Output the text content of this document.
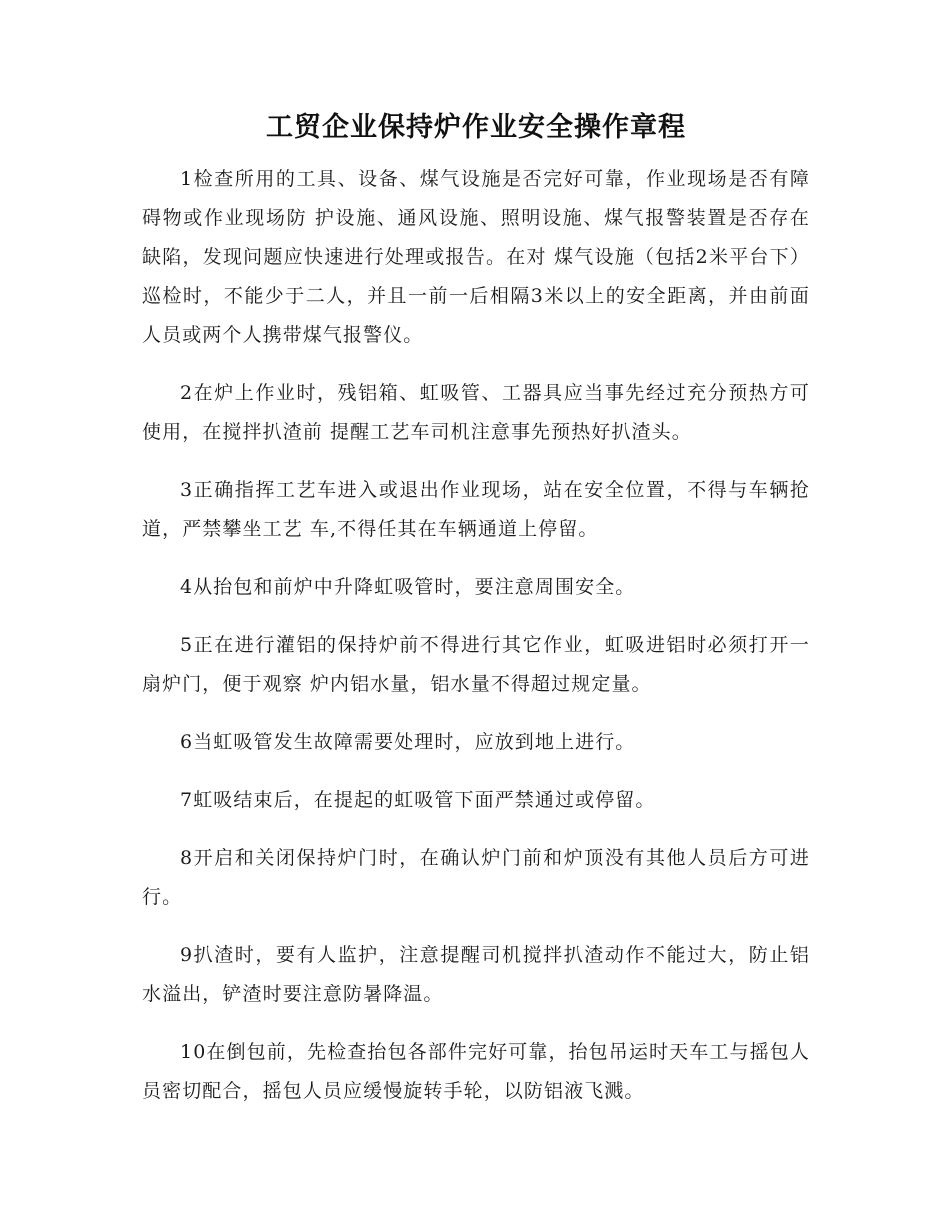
工贸企业保持炉作业安全操作章程

1检查所用的工具、设备、煤气设施是否完好可靠，作业现场是否有障碍物或作业现场防 护设施、通风设施、照明设施、煤气报警装置是否存在缺陷，发现问题应快速进行处理或报告。在对 煤气设施（包括2米平台下）巡检时，不能少于二人，并且一前一后相隔3米以上的安全距离，并由前面人员或两个人携带煤气报警仪。

2在炉上作业时，残铝箱、虹吸管、工器具应当事先经过充分预热方可使用，在搅拌扒渣前 提醒工艺车司机注意事先预热好扒渣头。

3正确指挥工艺车进入或退出作业现场，站在安全位置，不得与车辆抢道，严禁攀坐工艺 车,不得任其在车辆通道上停留。

4从抬包和前炉中升降虹吸管时，要注意周围安全。

5正在进行灌铝的保持炉前不得进行其它作业，虹吸进铝时必须打开一扇炉门，便于观察 炉内铝水量，铝水量不得超过规定量。

6当虹吸管发生故障需要处理时，应放到地上进行。

7虹吸结束后，在提起的虹吸管下面严禁通过或停留。

8开启和关闭保持炉门时，在确认炉门前和炉顶没有其他人员后方可进行。

9扒渣时，要有人监护，注意提醒司机搅拌扒渣动作不能过大，防止铝水溢出，铲渣时要注意防暑降温。

10在倒包前，先检查抬包各部件完好可靠，抬包吊运时天车工与摇包人员密切配合，摇包人员应缓慢旋转手轮，以防铝液飞溅。
